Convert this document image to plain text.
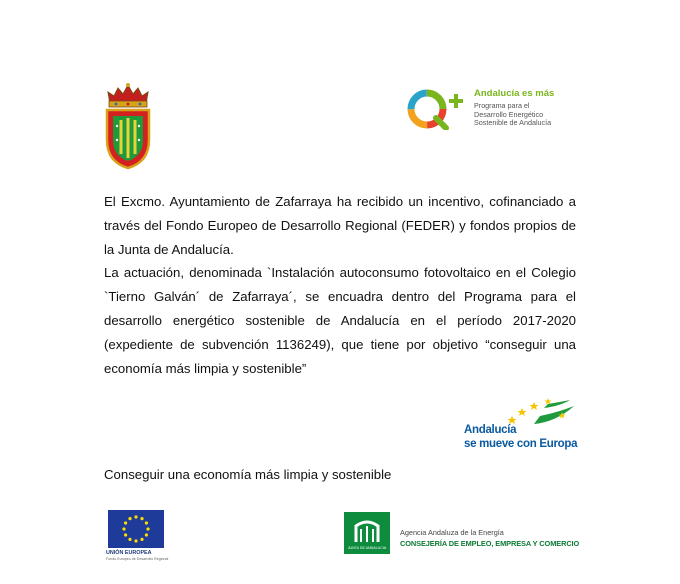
Andalucía es más
Programa para el
Desarrollo Energético
Sostenible de Andalucía

El Excmo. Ayuntamiento de Zafarraya ha recibido un incentivo, cofinanciado a través del Fondo Europeo de Desarrollo Regional (FEDER) y fondos propios de la Junta de Andalucía.

La actuación, denominada `Instalación autoconsumo fotovoltaico en el Colegio `Tierno Galván´ de Zafarraya´, se encuadra dentro del Programa para el desarrollo energético sostenible de Andalucía en el período 2017-2020 (expediente de subvención 1136249), que tiene por objetivo “conseguir una economía más limpia y sostenible”

Andalucía
se mueve con Europa
Conseguir una economía más limpia y sostenible
UNIÓN EUROPEA
Fondo Europeo de Desarrollo Regional
JUNTA DE ANDALUCIA
Agencia Andaluza de la Energía
CONSEJERÍA DE EMPLEO, EMPRESA Y COMERCIO
